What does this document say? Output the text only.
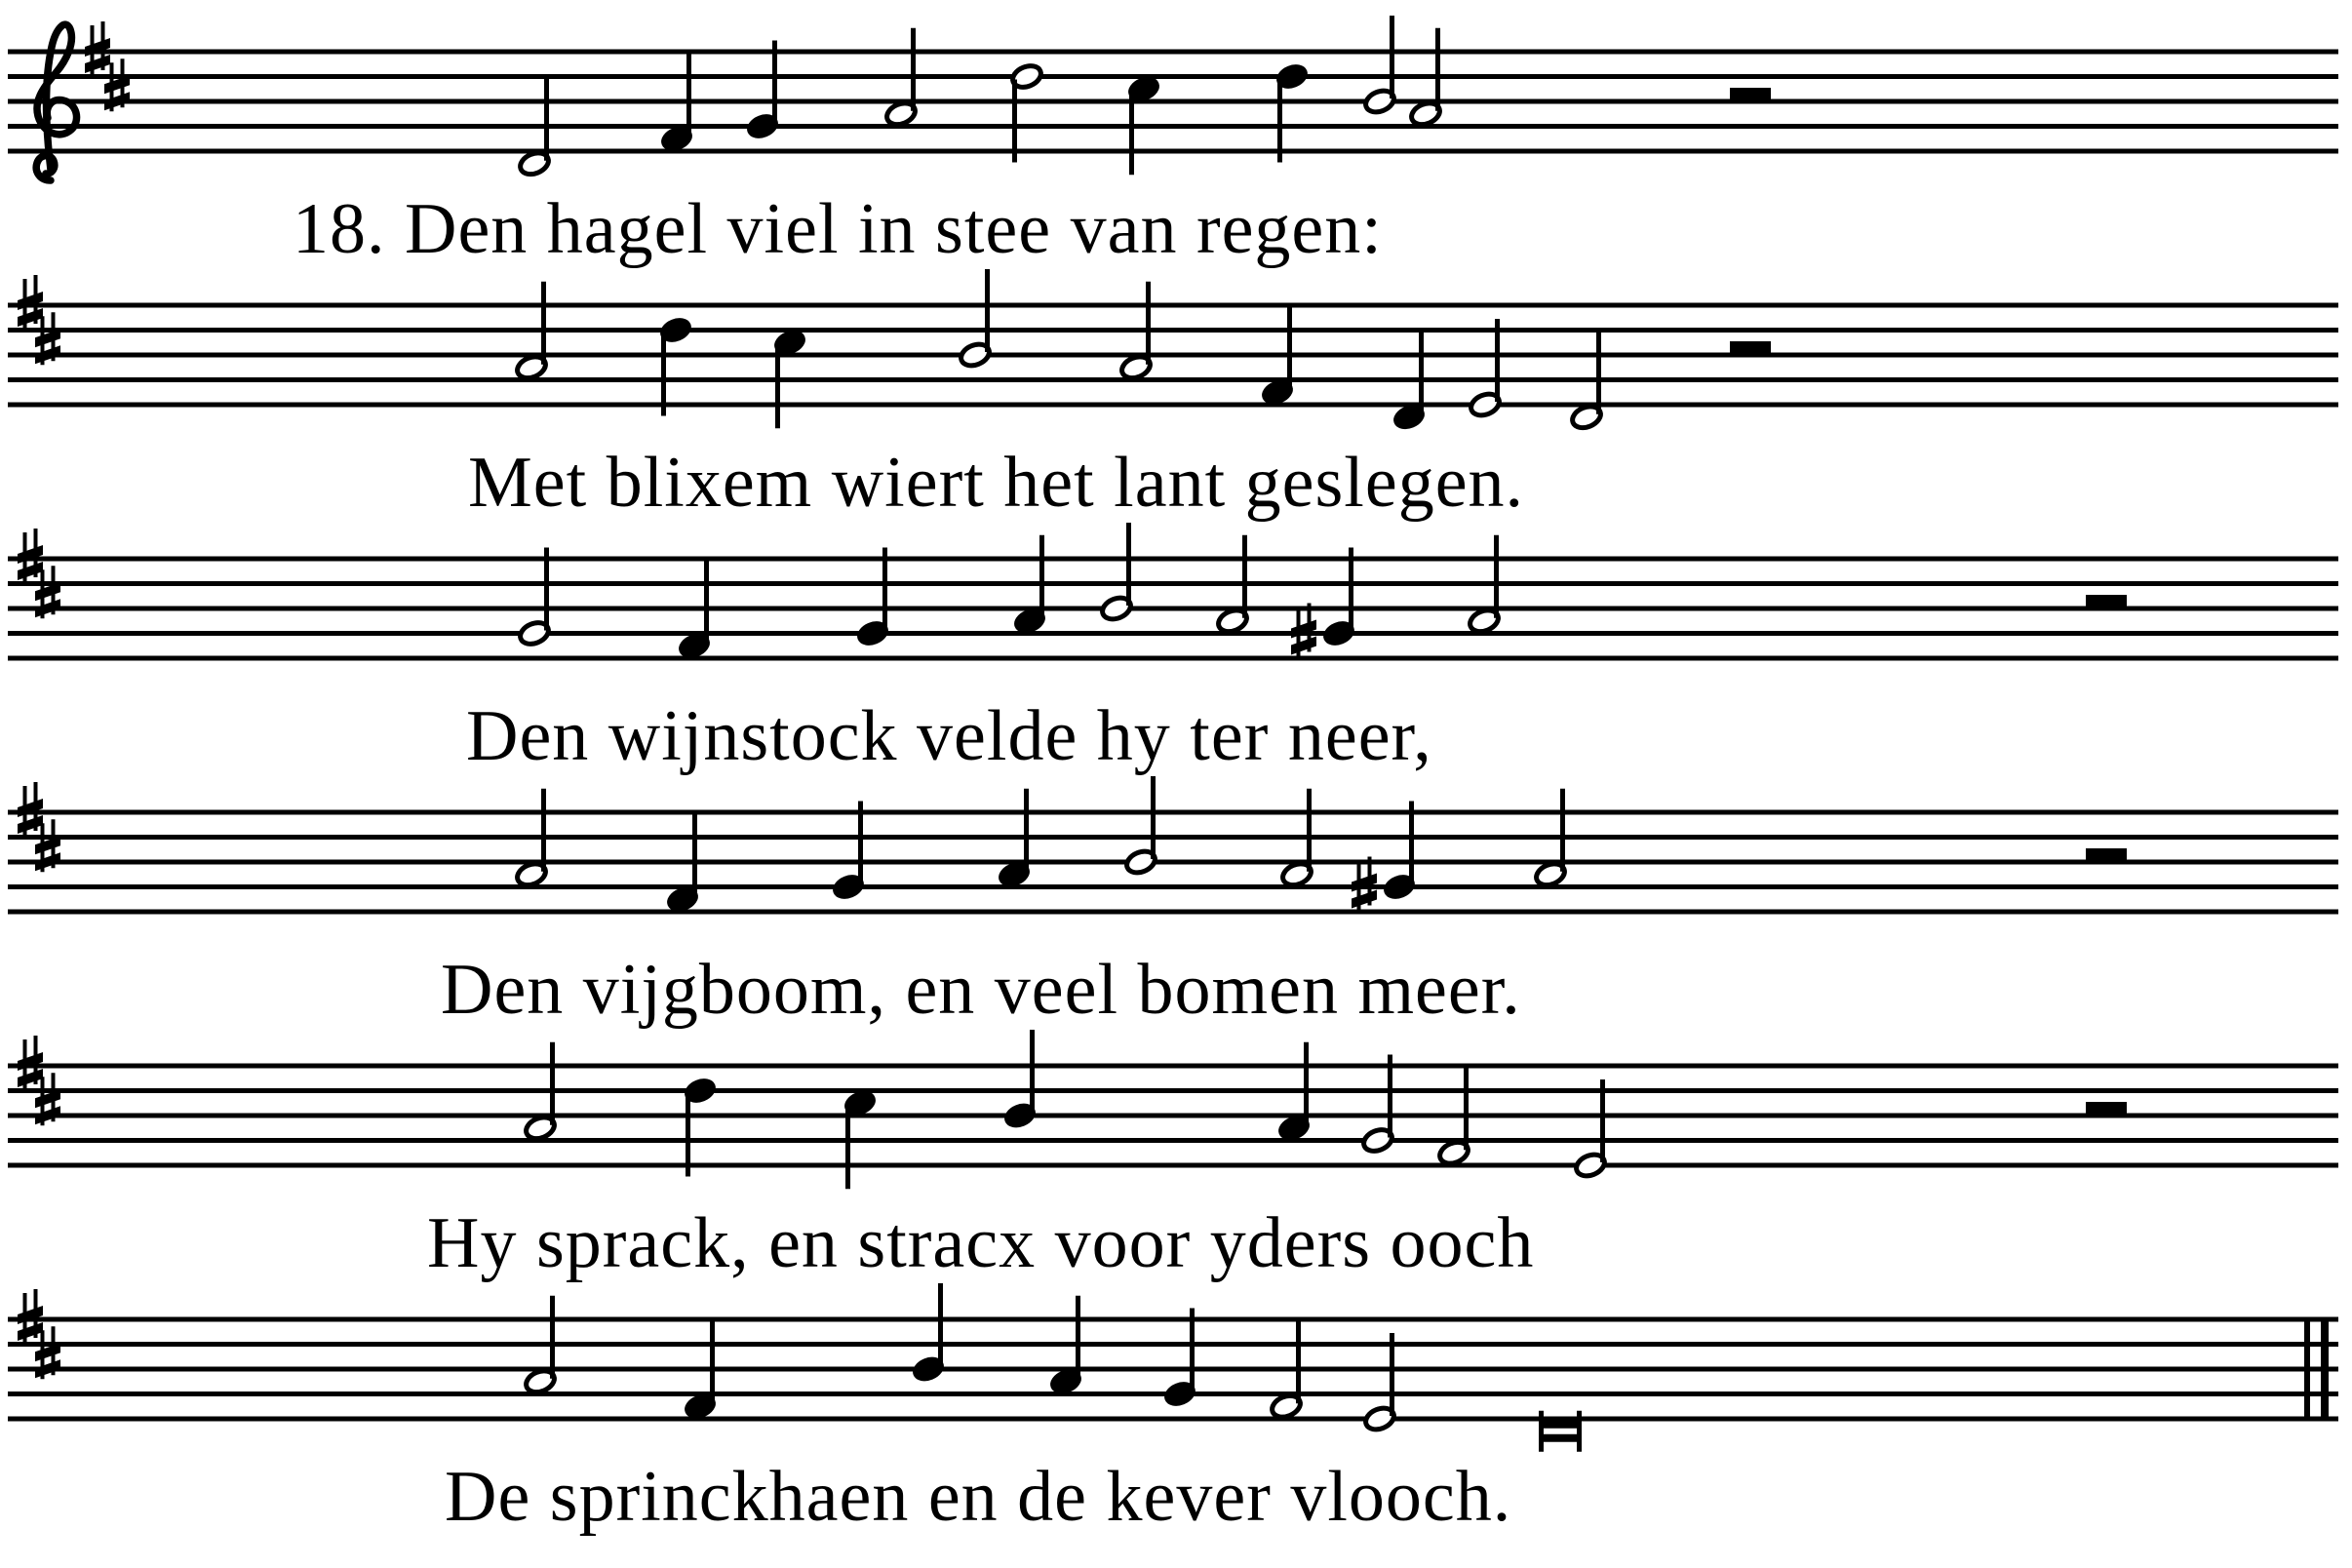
18. Den hagel viel in stee van regen:
Met blixem wiert het lant geslegen.
Den wijnstock velde hy ter neer,
Den vijgboom, en veel bomen meer.
Hy sprack, en stracx voor yders ooch
De sprinckhaen en de kever vlooch.
